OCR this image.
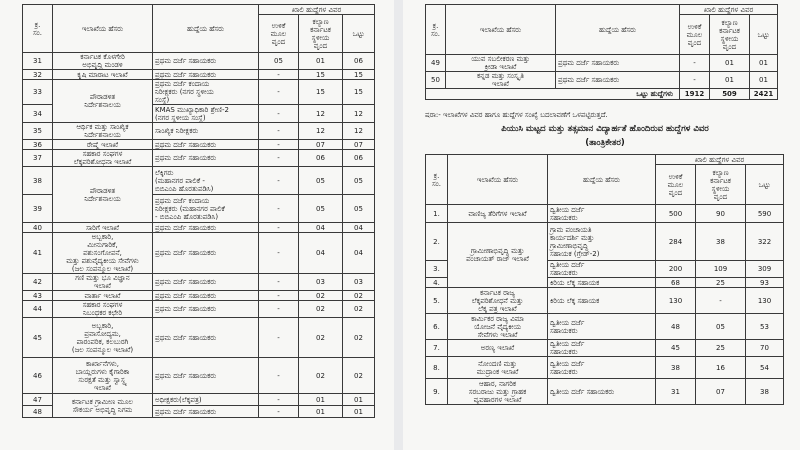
ಕ್ರ.
ಸಂ.	ಇಲಾಖೆಯ ಹೆಸರು	ಹುದ್ದೆಯ ಹೆಸರು	ಖಾಲಿ ಹುದ್ದೆಗಳ ವಿವರ		
			ಉಳಿಕೆ
ಮೂಲ
ವೃಂದ	ಕಲ್ಯಾಣ
ಕರ್ನಾಟಕ
ಸ್ಥಳೀಯ
ವೃಂದ	ಒಟ್ಟು
31	ಕರ್ನಾಟಕ ಕೊಳಗೇರಿ
ಅಭಿವೃದ್ಧಿ ಮಂಡಳಿ	ಪ್ರಥಮ ದರ್ಜೆ ಸಹಾಯಕರು	05	01	06
32	ಕೃಷಿ ಮಾರಾಟ ಇಲಾಖೆ	ಪ್ರಥಮ ದರ್ಜೆ ಸಹಾಯಕರು	-	15	15
33	ಪೌರಾಡಳಿತ
ನಿರ್ದೇಶನಾಲಯ	ಪ್ರಥಮ ದರ್ಜೆ ಕಂದಾಯ
ನಿರೀಕ್ಷಕರು (ನಗರ ಸ್ಥಳೀಯ
ಸಂಸ್ಥೆ)	-	15	15
34		KMAS ಮುಖ್ಯಾಧಿಕಾರಿ ಶ್ರೇಣಿ-2
(ನಗರ ಸ್ಥಳೀಯ ಸಂಸ್ಥೆ)	-	12	12
35	ಆರ್ಥಿಕ ಮತ್ತು ಸಾಂಖ್ಯಿಕ
ನಿರ್ದೇಶನಾಲಯ	ಸಾಂಖ್ಯಿಕ ನಿರೀಕ್ಷಕರು	-	12	12
36	ರೇಷ್ಮೆ ಇಲಾಖೆ	ಪ್ರಥಮ ದರ್ಜೆ ಸಹಾಯಕರು	-	07	07
37	ಸಹಕಾರ ಸಂಘಗಳ
ಲೆಕ್ಕಪರಿಶೋಧನಾ ಇಲಾಖೆ	ಪ್ರಥಮ ದರ್ಜೆ ಸಹಾಯಕರು	-	06	06
38	ಪೌರಾಡಳಿತ
ನಿರ್ದೇಶನಾಲಯ	ಲೆಕ್ಕಿಗರು
(ಮಹಾನಗರ ಪಾಲಿಕೆ -
ಬಿಬಿಎಂಪಿ ಹೊರತುಪಡಿಸಿ)	-	05	05
39		ಪ್ರಥಮ ದರ್ಜೆ ಕಂದಾಯ
ನಿರೀಕ್ಷಕರು (ಮಹಾನಗರ ಪಾಲಿಕೆ
- ಬಿಬಿಎಂಪಿ ಹೊರತುಪಡಿಸಿ)	-	05	05
40	ಸಾರಿಗೆ ಇಲಾಖೆ	ಪ್ರಥಮ ದರ್ಜೆ ಸಹಾಯಕರು	-	04	04
41	ಅಬ್ಬಕಾರಿ,
ಮೀನುಗಾರಿಕೆ,
ಪಶುಸಂಗೋಪನೆ,
ಮತ್ತು ಪಶುವೈದ್ಯಕೀಯ ಸೇವೆಗಳು
(ಜಲ ಸಂಪನ್ಮೂಲ ಇಲಾಖೆ)	ಪ್ರಥಮ ದರ್ಜೆ ಸಹಾಯಕರು	-	04	04
42	ಗಣಿ ಮತ್ತು ಭೂ ವಿಜ್ಞಾನ
ಇಲಾಖೆ	ಪ್ರಥಮ ದರ್ಜೆ ಸಹಾಯಕರು	-	03	03
43	ವಾರ್ತಾ ಇಲಾಖೆ	ಪ್ರಥಮ ದರ್ಜೆ ಸಹಾಯಕರು	-	02	02
44	ಸಹಕಾರ ಸಂಘಗಳ
ನಿಬಂಧಕರ ಕಛೇರಿ	ಪ್ರಥಮ ದರ್ಜೆ ಸಹಾಯಕರು	-	02	02
45	ಅಬ್ಬಕಾರಿ,
ಪ್ರವಾಸೋದ್ಯಮ,
ಪಾರಂಪರಿಕ, ಕಲಬುರಗಿ
(ಜಲ ಸಂಪನ್ಮೂಲ ಇಲಾಖೆ)	ಪ್ರಥಮ ದರ್ಜೆ ಸಹಾಯಕರು	-	02	02
46	ಕಾರ್ಖಾನೆಗಳು,
ಬಾಯ್ಲರುಗಳು ಕೈಗಾರಿಕಾ
ಸುರಕ್ಷತೆ ಮತ್ತು ಸ್ವಾಸ್ಥ್ಯ
ಇಲಾಖೆ	ಪ್ರಥಮ ದರ್ಜೆ ಸಹಾಯಕರು	-	02	02
47	ಕರ್ನಾಟಕ ಗ್ರಾಮೀಣ ಮೂಲ
ಸೌಕರ್ಯ ಅಭಿವೃದ್ಧಿ ನಿಗಮ	ಅಧೀಕ್ಷಕರು(ಲೆಕ್ಕಪತ್ರ)	-	01	01
48		ಪ್ರಥಮ ದರ್ಜೆ ಸಹಾಯಕರು	-	01	01
ಕ್ರ.
ಸಂ.	ಇಲಾಖೆಯ ಹೆಸರು	ಹುದ್ದೆಯ ಹೆಸರು	ಖಾಲಿ ಹುದ್ದೆಗಳ ವಿವರ		
			ಉಳಿಕೆ
ಮೂಲ
ವೃಂದ	ಕಲ್ಯಾಣ
ಕರ್ನಾಟಕ
ಸ್ಥಳೀಯ
ವೃಂದ	ಒಟ್ಟು
49	ಯುವ ಸಬಲೀಕರಣ ಮತ್ತು
ಕ್ರೀಡಾ ಇಲಾಖೆ	ಪ್ರಥಮ ದರ್ಜೆ ಸಹಾಯಕರು	-	01	01
50	ಕನ್ನಡ ಮತ್ತು ಸಂಸ್ಕೃತಿ
ಇಲಾಖೆ	ಪ್ರಥಮ ದರ್ಜೆ ಸಹಾಯಕರು	-	01	01
ಒಟ್ಟು ಹುದ್ದೆಗಳು			1912	509	2421
ಷರಾ:- ಇಲಾಖೆಗಳ ವಿವರ ಹಾಗೂ ಹುದ್ದೆಗಳ ಸಂಖ್ಯೆ ಬದಲಾವಣೆಗೆ ಒಳಪಟ್ಟಿರುತ್ತದೆ.
ಪಿಯುಸಿ ಮಟ್ಟದ ಮತ್ತು ತತ್ಸಮಾನ ವಿದ್ಯಾರ್ಹತೆ ಹೊಂದಿರುವ ಹುದ್ದೆಗಳ ವಿವರ
(ತಾಂತ್ರಿಕೇತರ)
ಕ್ರ.
ಸಂ.	ಇಲಾಖೆಯ ಹೆಸರು	ಹುದ್ದೆಯ ಹೆಸರು	ಖಾಲಿ ಹುದ್ದೆಗಳ ವಿವರ		
			ಉಳಿಕೆ
ಮೂಲ
ವೃಂದ	ಕಲ್ಯಾಣ
ಕರ್ನಾಟಕ
ಸ್ಥಳೀಯ
ವೃಂದ	ಒಟ್ಟು
1.	ವಾಣಿಜ್ಯ ತೆರಿಗೆಗಳ ಇಲಾಖೆ	ದ್ವಿತೀಯ ದರ್ಜೆ
ಸಹಾಯಕರು	500	90	590
2.	ಗ್ರಾಮೀಣಾಭಿವೃದ್ಧಿ ಮತ್ತು
ಪಂಚಾಯತ್ ರಾಜ್ ಇಲಾಖೆ	ಗ್ರಾಮ ಪಂಚಾಯತಿ
ಕಾರ್ಯದರ್ಶಿ ಮತ್ತು
ಗ್ರಾಮೀಣಾಭಿವೃದ್ಧಿ
ಸಹಾಯಕ (ಗ್ರೇಡ್-2)	284	38	322
3.		ದ್ವಿತೀಯ ದರ್ಜೆ
ಸಹಾಯಕರು	200	109	309
4.		ಕಿರಿಯ ಲೆಕ್ಕ ಸಹಾಯಕ	68	25	93
5.	ಕರ್ನಾಟಕ ರಾಜ್ಯ
ಲೆಕ್ಕಪರಿಶೋಧನೆ ಮತ್ತು
ಲೆಕ್ಕ ಪತ್ರ ಇಲಾಖೆ	ಕಿರಿಯ ಲೆಕ್ಕ ಸಹಾಯಕ	130	-	130
6.	ಕಾರ್ಮಿಕರ ರಾಜ್ಯ ವಿಮಾ
ಯೋಜನೆ ವೈದ್ಯಕೀಯ
ಸೇವೆಗಳು ಇಲಾಖೆ	ದ್ವಿತೀಯ ದರ್ಜೆ
ಸಹಾಯಕರು	48	05	53
7.	ಅರಣ್ಯ ಇಲಾಖೆ	ದ್ವಿತೀಯ ದರ್ಜೆ
ಸಹಾಯಕರು	45	25	70
8.	ನೋಂದಣಿ ಮತ್ತು
ಮುದ್ರಾಂಕ ಇಲಾಖೆ	ದ್ವಿತೀಯ ದರ್ಜೆ
ಸಹಾಯಕರು	38	16	54
9.	ಆಹಾರ, ನಾಗರಿಕ
ಸರಬರಾಜು ಮತ್ತು ಗ್ರಾಹಕ
ವ್ಯವಹಾರಗಳ ಇಲಾಖೆ	ದ್ವಿತೀಯ ದರ್ಜೆ ಸಹಾಯಕರು	31	07	38
